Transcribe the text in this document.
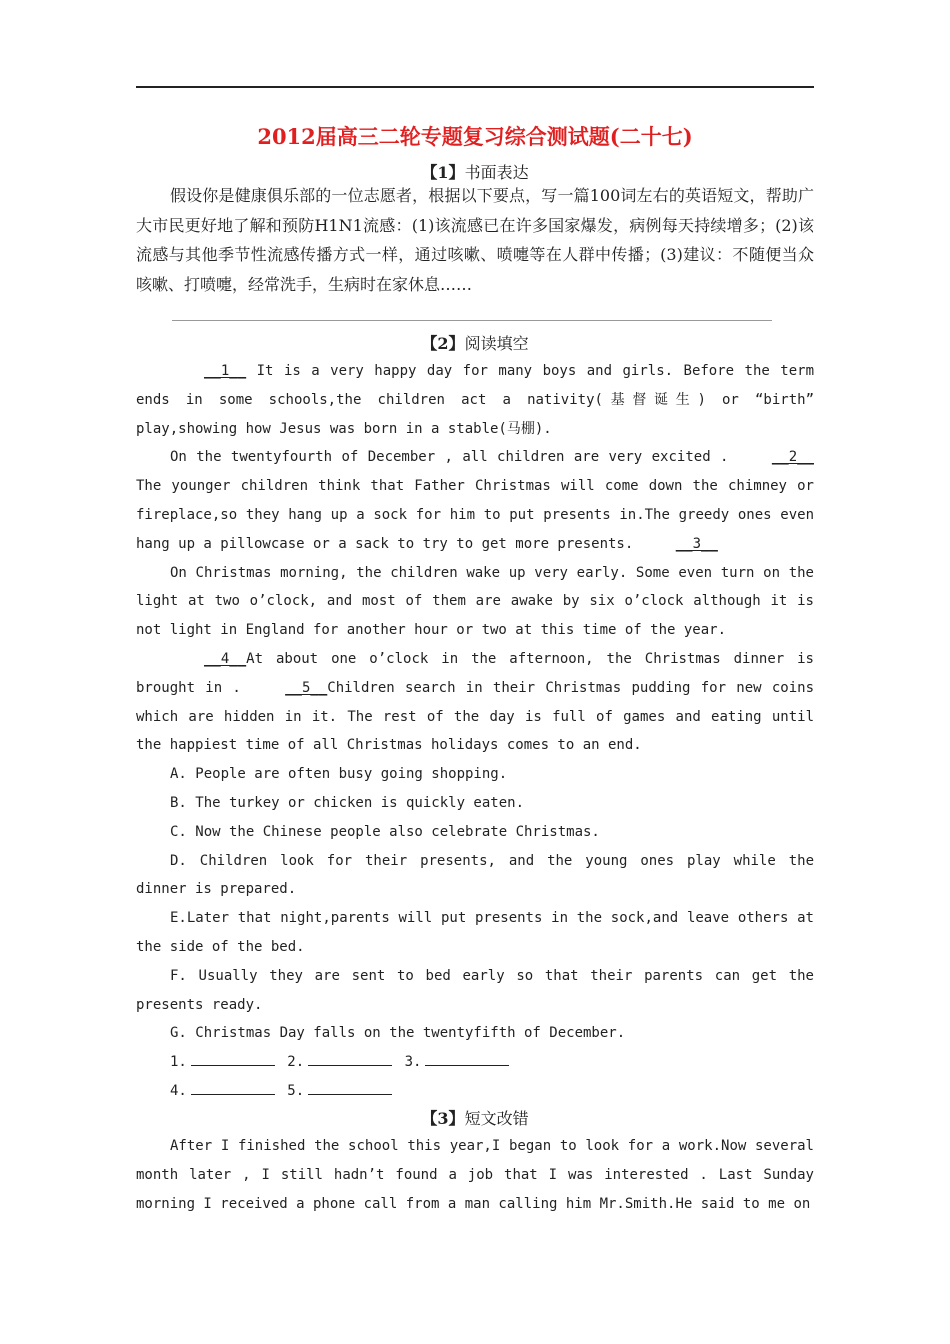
2012届高三二轮专题复习综合测试题(二十七)
【1】书面表达
假设你是健康俱乐部的一位志愿者，根据以下要点，写一篇100词左右的英语短文，帮助广大市民更好地了解和预防H1N1流感：(1)该流感已在许多国家爆发，病例每天持续增多；(2)该流感与其他季节性流感传播方式一样，通过咳嗽、喷嚏等在人群中传播；(3)建议：不随便当众咳嗽、打喷嚏，经常洗手，生病时在家休息……
【2】阅读填空

__1__ It is a very happy day for many boys and girls. Before the term ends in some schools,the children act a nativity(基督诞生) or “birth” play,showing how Jesus was born in a stable(马棚).

On the twentyfourth of December , all children are very excited . __2__ The younger children think that Father Christmas will come down the chimney or fireplace,so they hang up a sock for him to put presents in.The greedy ones even hang up a pillowcase or a sack to try to get more presents. __3__

On Christmas morning, the children wake up very early. Some even turn on the light at two o’clock, and most of them are awake by six o’clock although it is not light in England for another hour or two at this time of the year.

__4__At about one o’clock in the afternoon, the Christmas dinner is brought in . __5__Children search in their Christmas pudding for new coins which are hidden in it. The rest of the day is full of games and eating until the happiest time of all Christmas holidays comes to an end.

A. People are often busy going shopping.

B. The turkey or chicken is quickly eaten.

C. Now the Chinese people also celebrate Christmas.

D. Children look for their presents, and the young ones play while the dinner is prepared.

E.Later that night,parents will put presents in the sock,and leave others at the side of the bed.

F. Usually they are sent to bed early so that their parents can get the presents ready.

G. Christmas Day falls on the twentyfifth of December.

1.	2.	3.

4.	5.

【3】短文改错

After I finished the school this year,I began to look for a work.Now several month later , I still hadn’t found a job that I was interested . Last Sunday morning I received a phone call from a man calling him Mr.Smith.He said to me on
